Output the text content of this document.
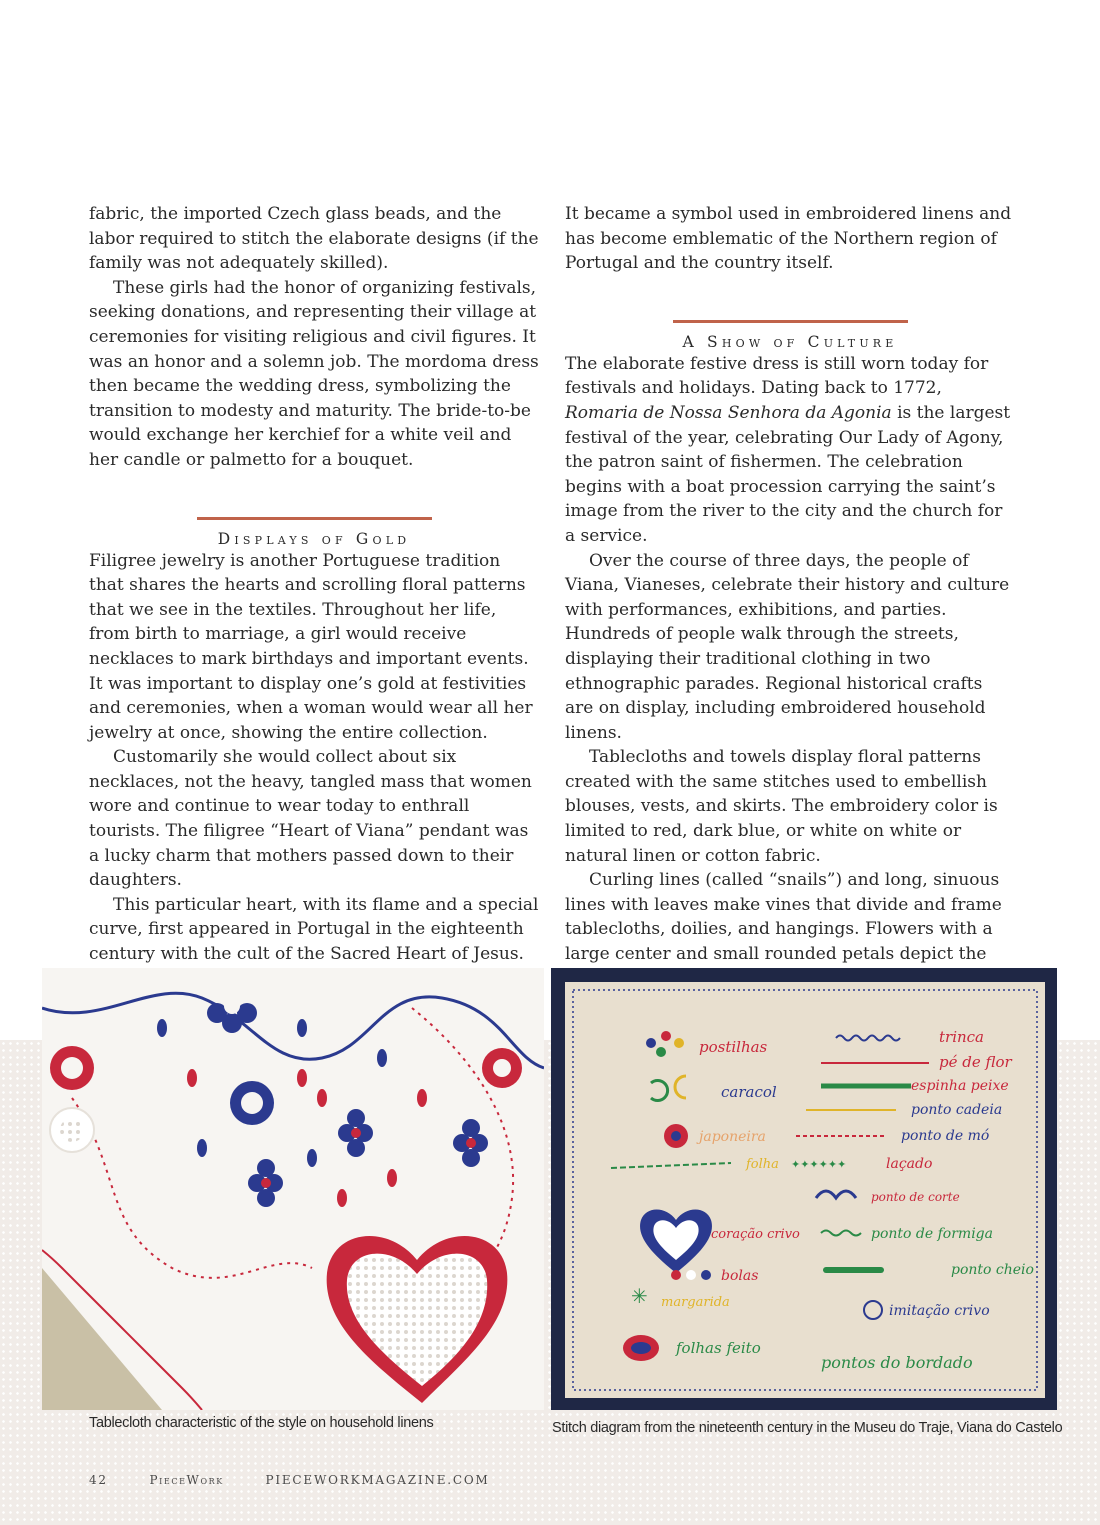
fabric, the imported Czech glass beads, and the labor required to stitch the elaborate designs (if the family was not adequately skilled).

These girls had the honor of organizing festivals, seeking donations, and representing their village at ceremonies for visiting religious and civil figures. It was an honor and a solemn job. The mordoma dress then became the wedding dress, symbolizing the transition to modesty and maturity. The bride-to-be would exchange her kerchief for a white veil and her candle or palmetto for a bouquet.

Displays of Gold

Filigree jewelry is another Portuguese tradition that shares the hearts and scrolling floral patterns that we see in the textiles. Throughout her life, from birth to marriage, a girl would receive necklaces to mark birthdays and important events. It was important to display one’s gold at festivities and ceremonies, when a woman would wear all her jewelry at once, showing the entire collection.

Customarily she would collect about six necklaces, not the heavy, tangled mass that women wore and continue to wear today to enthrall tourists. The filigree “Heart of Viana” pendant was a lucky charm that mothers passed down to their daughters.

This particular heart, with its flame and a special curve, first appeared in Portugal in the eighteenth century with the cult of the Sacred Heart of Jesus.

It became a symbol used in embroidered linens and has become emblematic of the Northern region of Portugal and the country itself.

A Show of Culture

The elaborate festive dress is still worn today for festivals and holidays. Dating back to 1772, Romaria de Nossa Senhora da Agonia is the largest festival of the year, celebrating Our Lady of Agony, the patron saint of fishermen. The celebration begins with a boat procession carrying the saint’s image from the river to the city and the church for a service.

Over the course of three days, the people of Viana, Vianeses, celebrate their history and culture with performances, exhibitions, and parties. Hundreds of people walk through the streets, displaying their traditional clothing in two ethnographic parades. Regional historical crafts are on display, including embroidered household linens.

Tablecloths and towels display floral patterns created with the same stitches used to embellish blouses, vests, and skirts. The embroidery color is limited to red, dark blue, or white on white or natural linen or cotton fabric.

Curling lines (called “snails”) and long, sinuous lines with leaves make vines that divide and frame tablecloths, doilies, and hangings. Flowers with a large center and small rounded petals depict the

postilhas
trinca
pé de flor
caracol	espinha peixe
ponto cadeia
japoneira	ponto de mó
folha ✦✦✦✦✦✦	laçado
ponto de corte
coração crivo	ponto de formiga
bolas	ponto cheio
✳ margarida
imitação crivo
folhas feito
pontos do bordado
Tablecloth characteristic of the style on household linens	Stitch diagram from the nineteenth century in the Museu do Traje, Viana do Castelo
42	PieceWork	PIECEWORKMAGAZINE.COM
